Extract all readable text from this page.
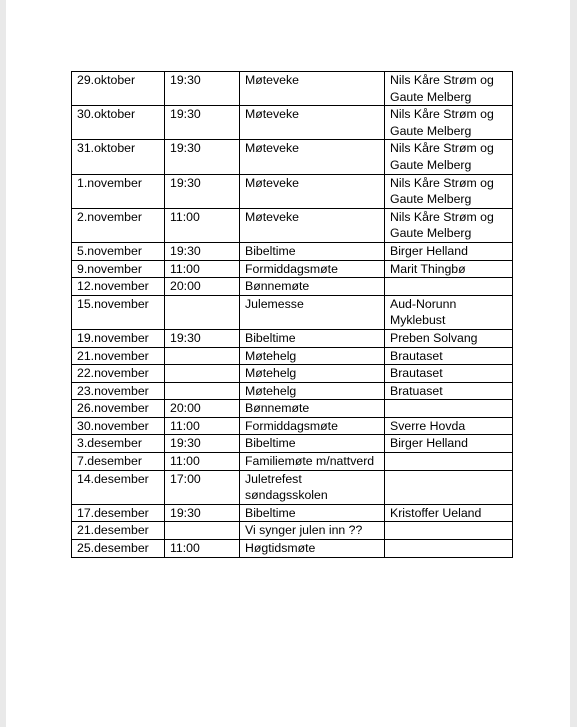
29.oktober	19:30	Møteveke	Nils Kåre Strøm og Gaute Melberg
30.oktober	19:30	Møteveke	Nils Kåre Strøm og Gaute Melberg
31.oktober	19:30	Møteveke	Nils Kåre Strøm og Gaute Melberg
1.november	19:30	Møteveke	Nils Kåre Strøm og Gaute Melberg
2.november	11:00	Møteveke	Nils Kåre Strøm og Gaute Melberg
5.november	19:30	Bibeltime	Birger Helland
9.november	11:00	Formiddagsmøte	Marit Thingbø
12.november	20:00	Bønnemøte	
15.november		Julemesse	Aud-Norunn Myklebust
19.november	19:30	Bibeltime	Preben Solvang
21.november		Møtehelg	Brautaset
22.november		Møtehelg	Brautaset
23.november		Møtehelg	Bratuaset
26.november	20:00	Bønnemøte	
30.november	11:00	Formiddagsmøte	Sverre Hovda
3.desember	19:30	Bibeltime	Birger Helland
7.desember	11:00	Familiemøte m/nattverd	
14.desember	17:00	Juletrefest søndagsskolen	
17.desember	19:30	Bibeltime	Kristoffer Ueland
21.desember		Vi synger julen inn ??	
25.desember	11:00	Høgtidsmøte	
